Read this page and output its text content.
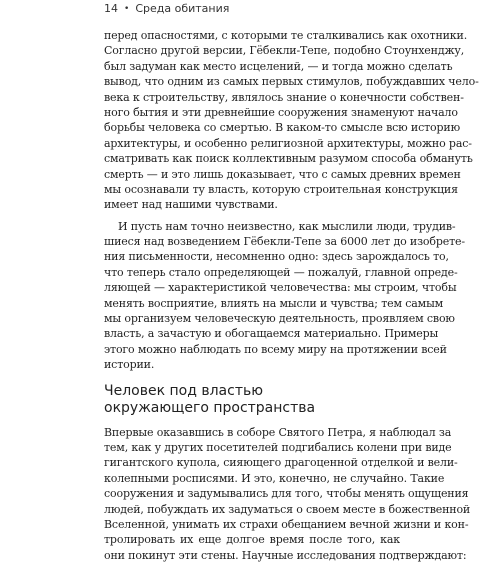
14 • Среда обитания
перед опасностями, с которыми те сталкивались как охотники.
Согласно другой версии, Гёбекли-Тепе, подобно Стоунхенджу,
был задуман как место исцелений, — и тогда можно сделать
вывод, что одним из самых первых стимулов, побуждавших чело-
века к строительству, являлось знание о конечности собствен-
ного бытия и эти древнейшие сооружения знаменуют начало
борьбы человека со смертью. В каком-то смысле всю историю
архитектуры, и особенно религиозной архитектуры, можно рас-
сматривать как поиск коллективным разумом способа обмануть
смерть — и это лишь доказывает, что с самых древних времен
мы осознавали ту власть, которую строительная конструкция
имеет над нашими чувствами.
И пусть нам точно неизвестно, как мыслили люди, трудив-
шиеся над возведением Гёбекли-Тепе за 6000 лет до изобрете-
ния письменности, несомненно одно: здесь зарождалось то,
что теперь стало определяющей — пожалуй, главной опреде-
ляющей — характеристикой человечества: мы строим, чтобы
менять восприятие, влиять на мысли и чувства; тем самым
мы организуем человеческую деятельность, проявляем свою
власть, а зачастую и обогащаемся материально. Примеры
этого можно наблюдать по всему миру на протяжении всей
истории.
Человек под властью
окружающего пространства
Впервые оказавшись в соборе Святого Петра, я наблюдал за
тем, как у других посетителей подгибались колени при виде
гигантского купола, сияющего драгоценной отделкой и вели-
колепными росписями. И это, конечно, не случайно. Такие
сооружения и задумывались для того, чтобы менять ощущения
людей, побуждать их задуматься о своем месте в божественной
Вселенной, унимать их страхи обещанием вечной жизни и кон-
тролировать их еще долгое время после того, как
они покинут эти стены. Научные исследования подтверждают:
